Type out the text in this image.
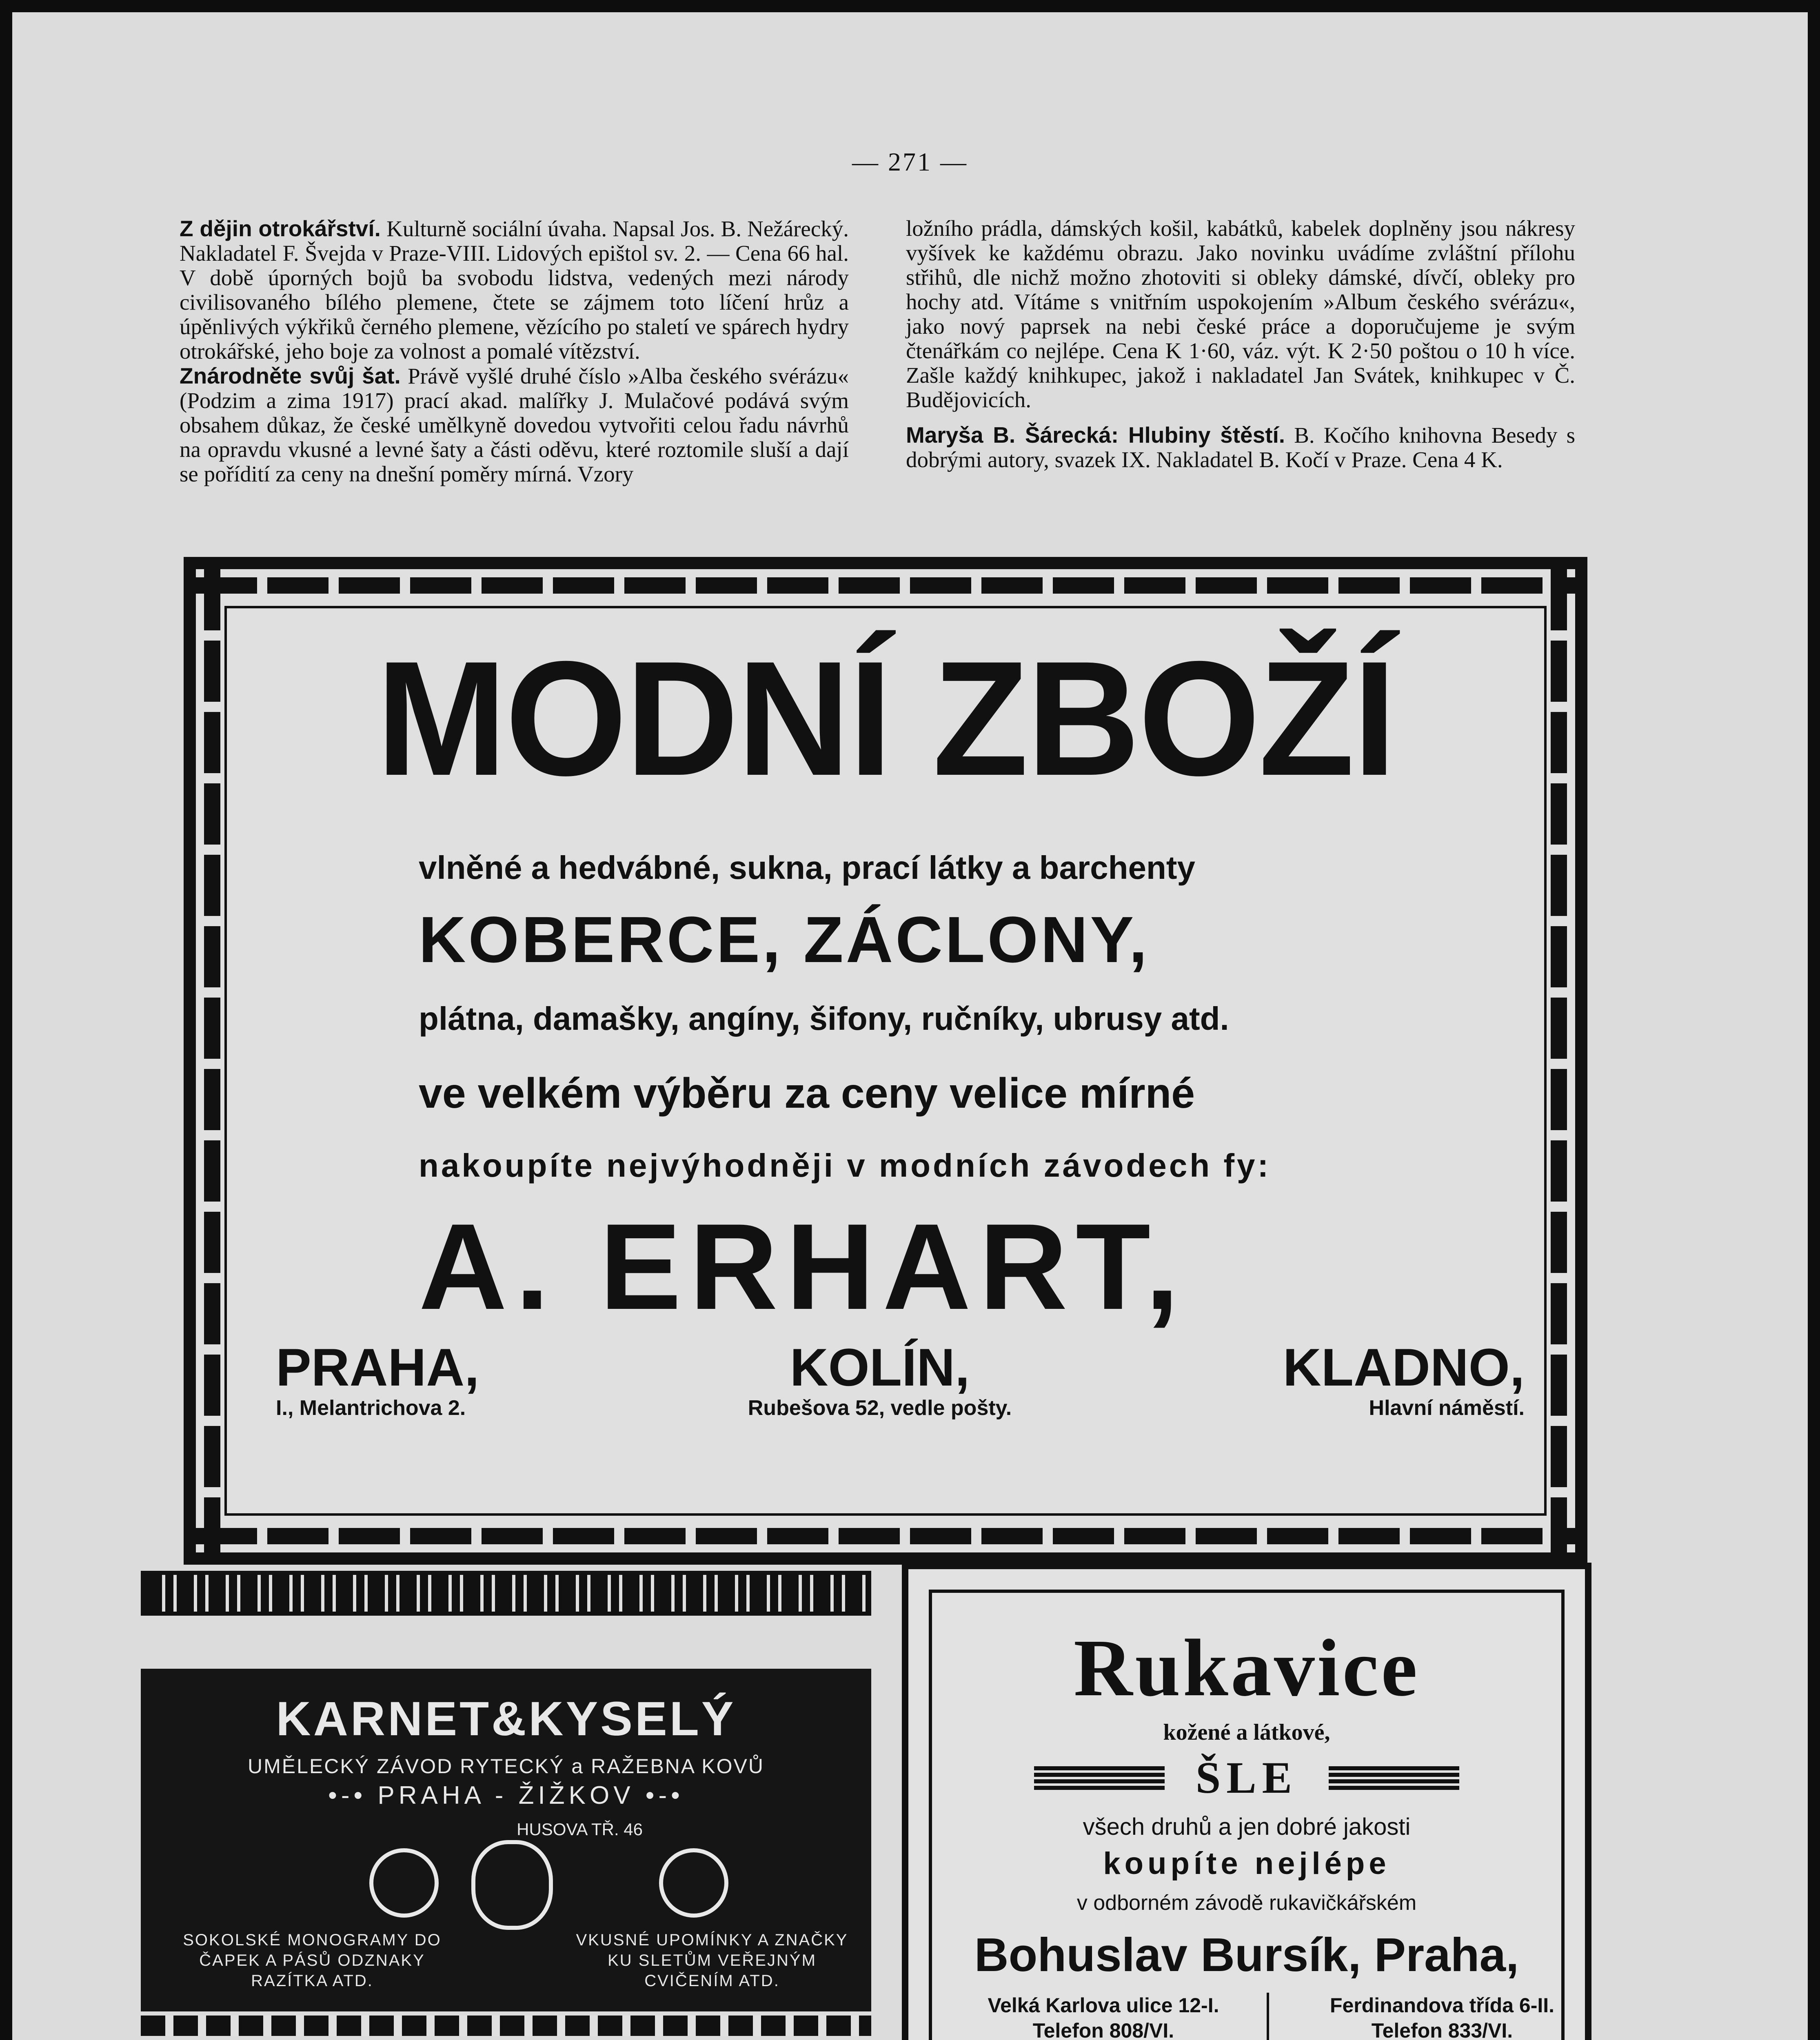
— 271 —

Z dějin otrokářství. Kulturně sociální úvaha. Napsal Jos. B. Nežárecký. Nakladatel F. Švejda v Praze-VIII. Lidových epištol sv. 2. — Cena 66 hal. V době úporných bojů ba svobodu lidstva, vedených mezi národy civilisovaného bílého plemene, čtete se zájmem toto líčení hrůz a úpěnlivých výkřiků černého plemene, vězícího po staletí ve spárech hydry otrokářské, jeho boje za volnost a pomalé vítězství.

Znárodněte svůj šat. Právě vyšlé druhé číslo »Alba českého svérázu« (Podzim a zima 1917) prací akad. malířky J. Mulačové podává svým obsahem důkaz, že české umělkyně dovedou vytvořiti celou řadu návrhů na opravdu vkusné a levné šaty a části oděvu, které roztomile sluší a dají se pořídití za ceny na dnešní poměry mírná. Vzory

ložního prádla, dámských košil, kabátků, kabelek doplněny jsou nákresy vyšívek ke každému obrazu. Jako novinku uvádíme zvláštní přílohu střihů, dle nichž možno zhotoviti si obleky dámské, dívčí, obleky pro hochy atd. Vítáme s vnitřním uspokojením »Album českého svérázu«, jako nový paprsek na nebi české práce a doporučujeme je svým čtenářkám co nejlépe. Cena K 1·60, váz. výt. K 2·50 poštou o 10 h více. Zašle každý knihkupec, jakož i nakladatel Jan Svátek, knihkupec v Č. Budějovicích.

Maryša B. Šárecká: Hlubiny štěstí. B. Kočího knihovna Besedy s dobrými autory, svazek IX. Nakladatel B. Kočí v Praze. Cena 4 K.

MODNÍ ZBOŽÍ
vlněné a hedvábné, sukna, prací látky a barchenty
KOBERCE, ZÁCLONY,
plátna, damašky, angíny, šifony, ručníky, ubrusy atd.
ve velkém výběru za ceny velice mírné
nakoupíte nejvýhodněji v modních závodech fy:
A. ERHART,
PRAHA,
I., Melantrichova 2.
KOLÍN,
Rubešova 52, vedle pošty.
KLADNO,
Hlavní náměstí.
KARNET&KYSELÝ
UMĚLECKÝ ZÁVOD RYTECKÝ a RAŽEBNA KOVŮ
•-• PRAHA - ŽIŽKOV •-•
HUSOVA TŘ. 46
SOKOLSKÉ MONOGRAMY DO ČAPEK A PÁSŮ ODZNAKY RAZÍTKA ATD.
VKUSNÉ UPOMÍNKY A ZNAČKY KU SLETŮM VEŘEJNÝM CVIČENÍM ATD.
Rukavice
kožené a látkové,
ŠLE
všech druhů a jen dobré jakosti
koupíte nejlépe
v odborném závodě rukavičkářském
Bohuslav Bursík, Praha,
Velká Karlova ulice 12-I.
Telefon 808/VI.
Ferdinandova třída 6-II.
Telefon 833/VI.
